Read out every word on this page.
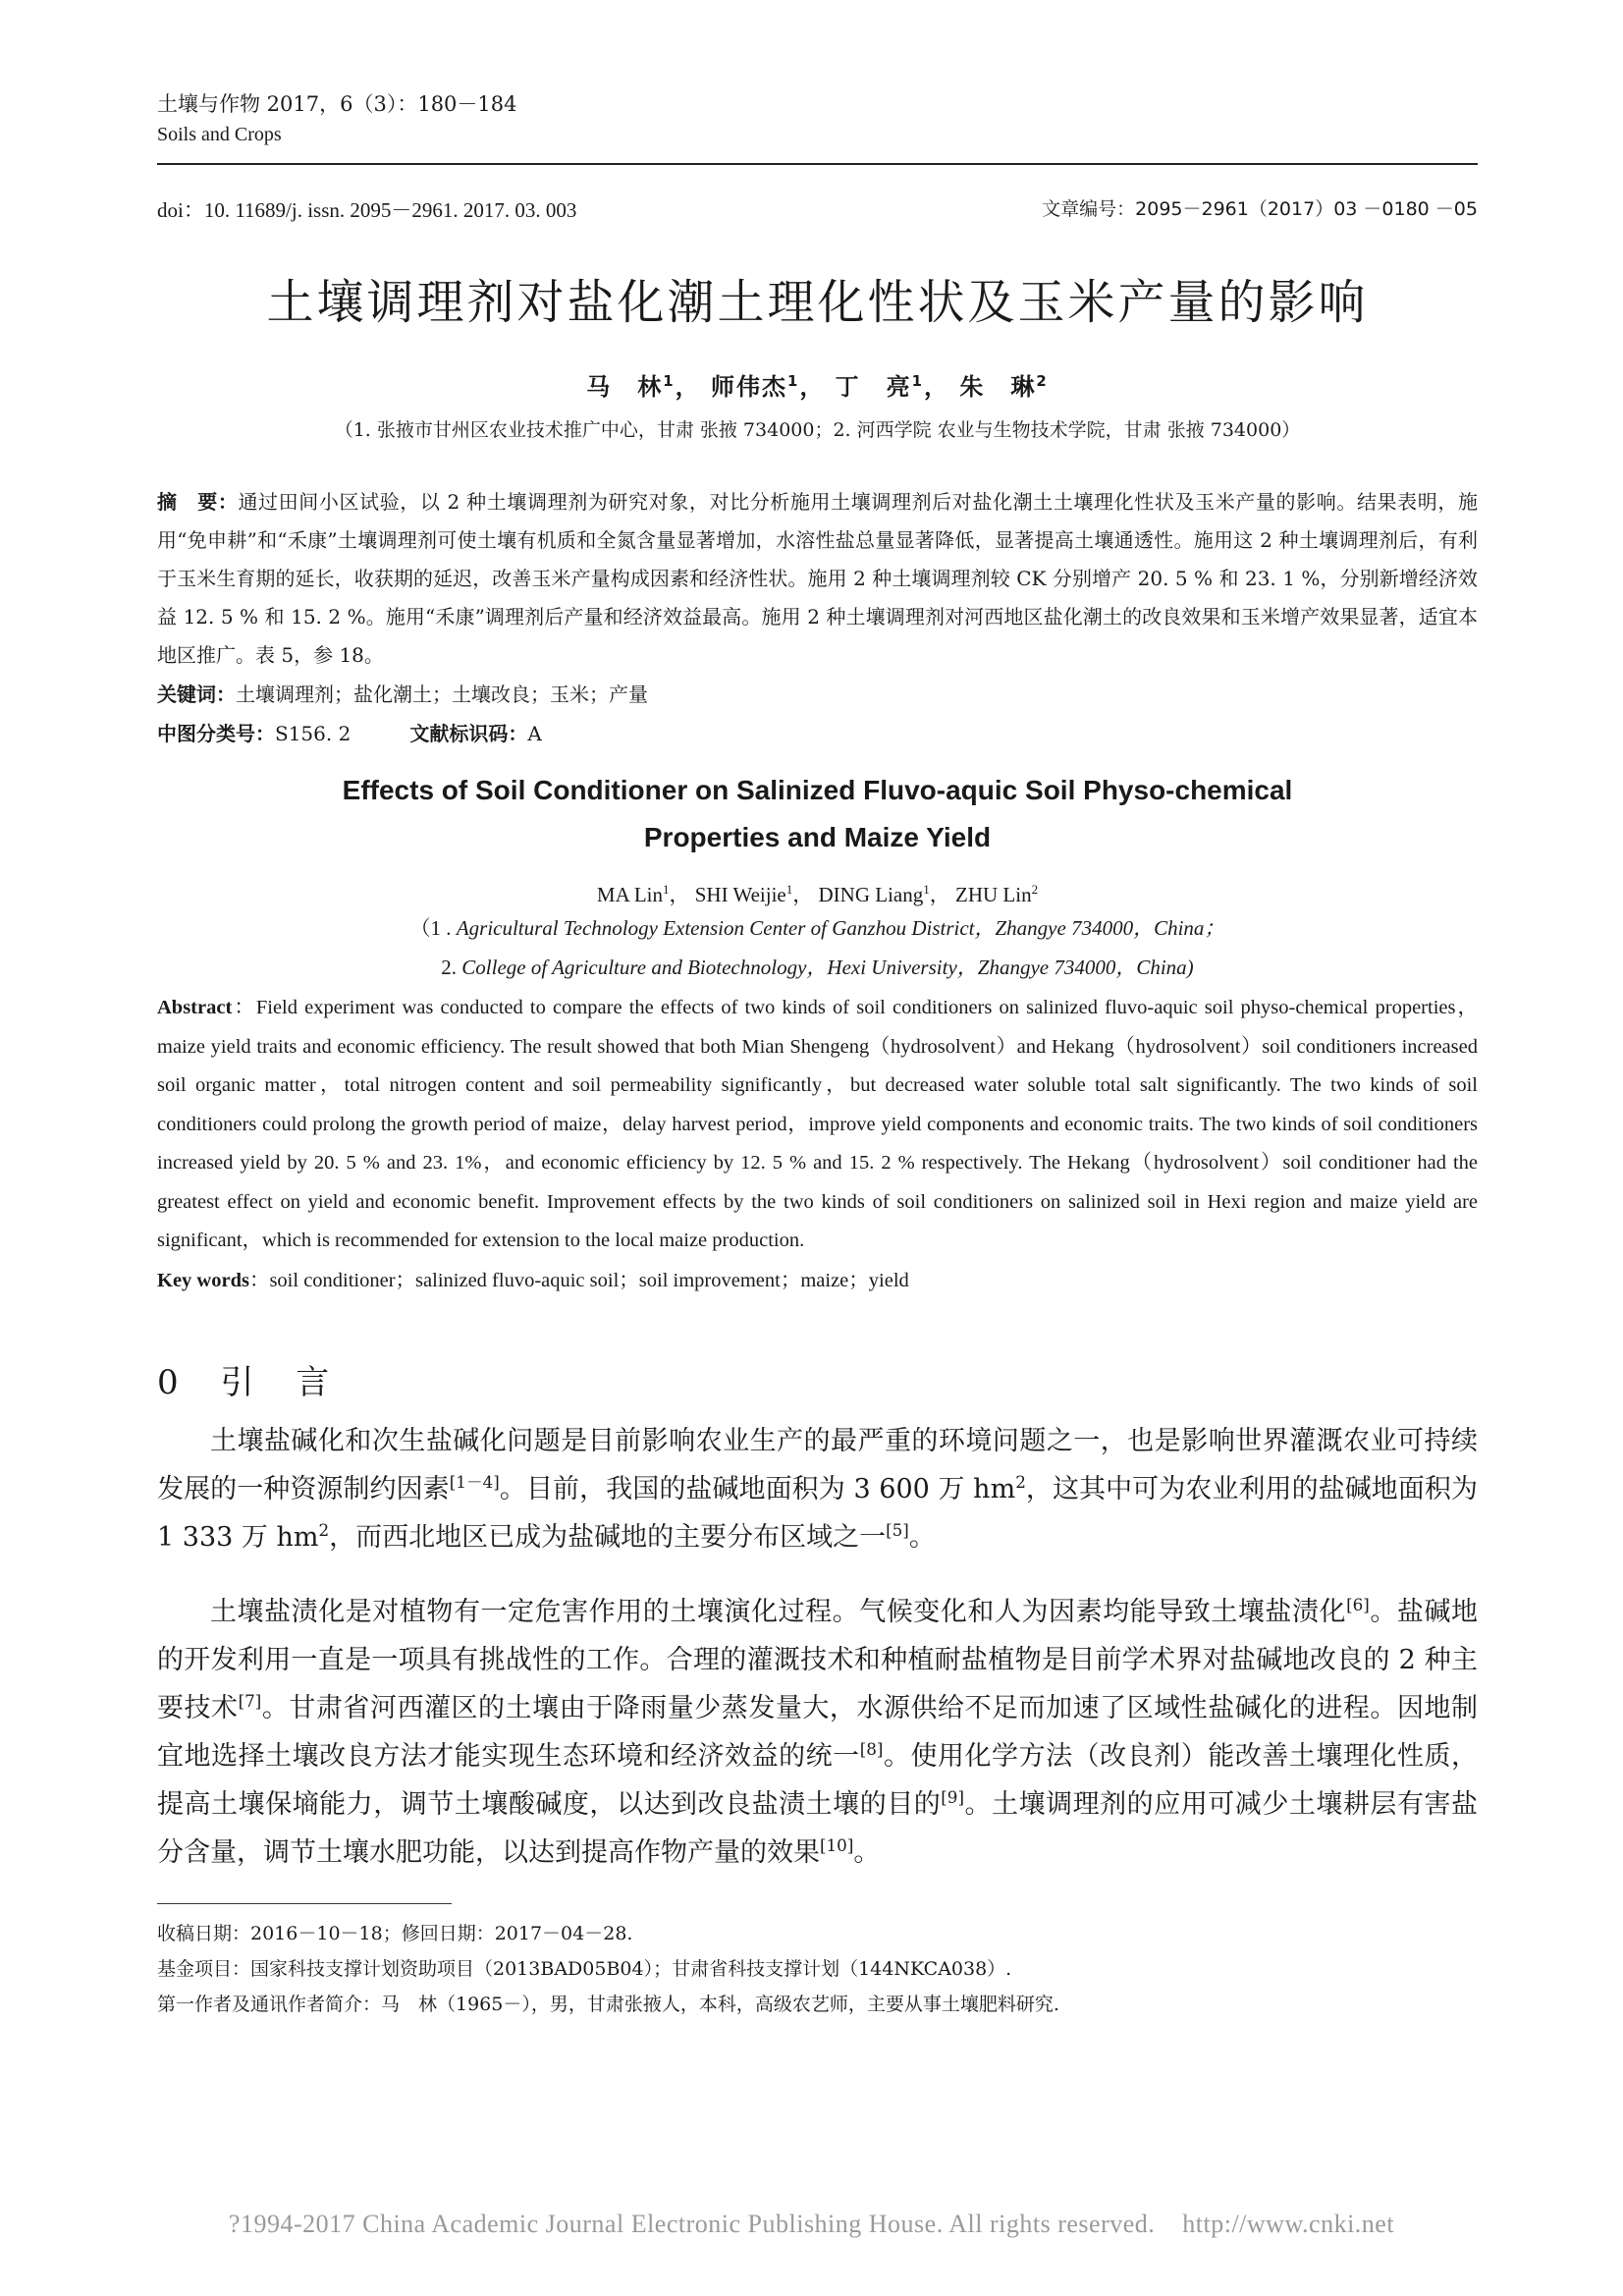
土壤与作物 2017，6（3）：180－184
Soils and Crops
doi：10. 11689/j. issn. 2095－2961. 2017. 03. 003	文章编号：2095－2961（2017）03 －0180 －05
土壤调理剂对盐化潮土理化性状及玉米产量的影响
马　林$^1$， 师伟杰$^1$， 丁　亮$^1$， 朱　琳$^2$
（1. 张掖市甘州区农业技术推广中心，甘肃 张掖 734000；2. 河西学院 农业与生物技术学院，甘肃 张掖 734000）
摘　要：通过田间小区试验，以 2 种土壤调理剂为研究对象，对比分析施用土壤调理剂后对盐化潮土土壤理化性状及玉米产量的影响。结果表明，施用“免申耕”和“禾康”土壤调理剂可使土壤有机质和全氮含量显著增加，水溶性盐总量显著降低，显著提高土壤通透性。施用这 2 种土壤调理剂后，有利于玉米生育期的延长，收获期的延迟，改善玉米产量构成因素和经济性状。施用 2 种土壤调理剂较 CK 分别增产 20. 5 % 和 23. 1 %，分别新增经济效益 12. 5 % 和 15. 2 %。施用“禾康”调理剂后产量和经济效益最高。施用 2 种土壤调理剂对河西地区盐化潮土的改良效果和玉米增产效果显著，适宜本地区推广。表 5，参 18。
关键词：土壤调理剂；盐化潮土；土壤改良；玉米；产量
中图分类号：S156. 2	文献标识码：A
Effects of Soil Conditioner on Salinized Fluvo-aquic Soil Physo-chemical
Properties and Maize Yield
MA Lin$^1$， SHI Weijie$^1$， DING Liang$^1$， ZHU Lin$^2$
（1 . Agricultural Technology Extension Center of Ganzhou District，Zhangye 734000，China；
2. College of Agriculture and Biotechnology，Hexi University，Zhangye 734000，China)
Abstract：Field experiment was conducted to compare the effects of two kinds of soil conditioners on salinized fluvo-aquic soil physo-chemical properties，maize yield traits and economic efficiency. The result showed that both Mian Shengeng（hydrosolvent）and Hekang（hydrosolvent）soil conditioners increased soil organic matter，total nitrogen content and soil permeability significantly，but decreased water soluble total salt significantly. The two kinds of soil conditioners could prolong the growth period of maize，delay harvest period，improve yield components and economic traits. The two kinds of soil conditioners increased yield by 20. 5 % and 23. 1%，and economic efficiency by 12. 5 % and 15. 2 % respectively. The Hekang（hydrosolvent）soil conditioner had the greatest effect on yield and economic benefit. Improvement effects by the two kinds of soil conditioners on salinized soil in Hexi region and maize yield are significant，which is recommended for extension to the local maize production.
Key words：soil conditioner；salinized fluvo-aquic soil；soil improvement；maize；yield
0 引 言

土壤盐碱化和次生盐碱化问题是目前影响农业生产的最严重的环境问题之一，也是影响世界灌溉农业可持续发展的一种资源制约因素[1－4]。目前，我国的盐碱地面积为 3 600 万 $hm^2$，这其中可为农业利用的盐碱地面积为 1 333 万 $hm^2$，而西北地区已成为盐碱地的主要分布区域之一[5]。

土壤盐渍化是对植物有一定危害作用的土壤演化过程。气候变化和人为因素均能导致土壤盐渍化[6]。盐碱地的开发利用一直是一项具有挑战性的工作。合理的灌溉技术和种植耐盐植物是目前学术界对盐碱地改良的 2 种主要技术[7]。甘肃省河西灌区的土壤由于降雨量少蒸发量大，水源供给不足而加速了区域性盐碱化的进程。因地制宜地选择土壤改良方法才能实现生态环境和经济效益的统一[8]。使用化学方法（改良剂）能改善土壤理化性质，提高土壤保墒能力，调节土壤酸碱度，以达到改良盐渍土壤的目的[9]。土壤调理剂的应用可减少土壤耕层有害盐分含量，调节土壤水肥功能，以达到提高作物产量的效果[10]。

收稿日期：2016－10－18；修回日期：2017－04－28.
基金项目：国家科技支撑计划资助项目（2013BAD05B04）；甘肃省科技支撑计划（144NKCA038）.
第一作者及通讯作者简介：马　林（1965－），男，甘肃张掖人，本科，高级农艺师，主要从事土壤肥料研究.
?1994-2017 China Academic Journal Electronic Publishing House. All rights reserved.    http://www.cnki.net
